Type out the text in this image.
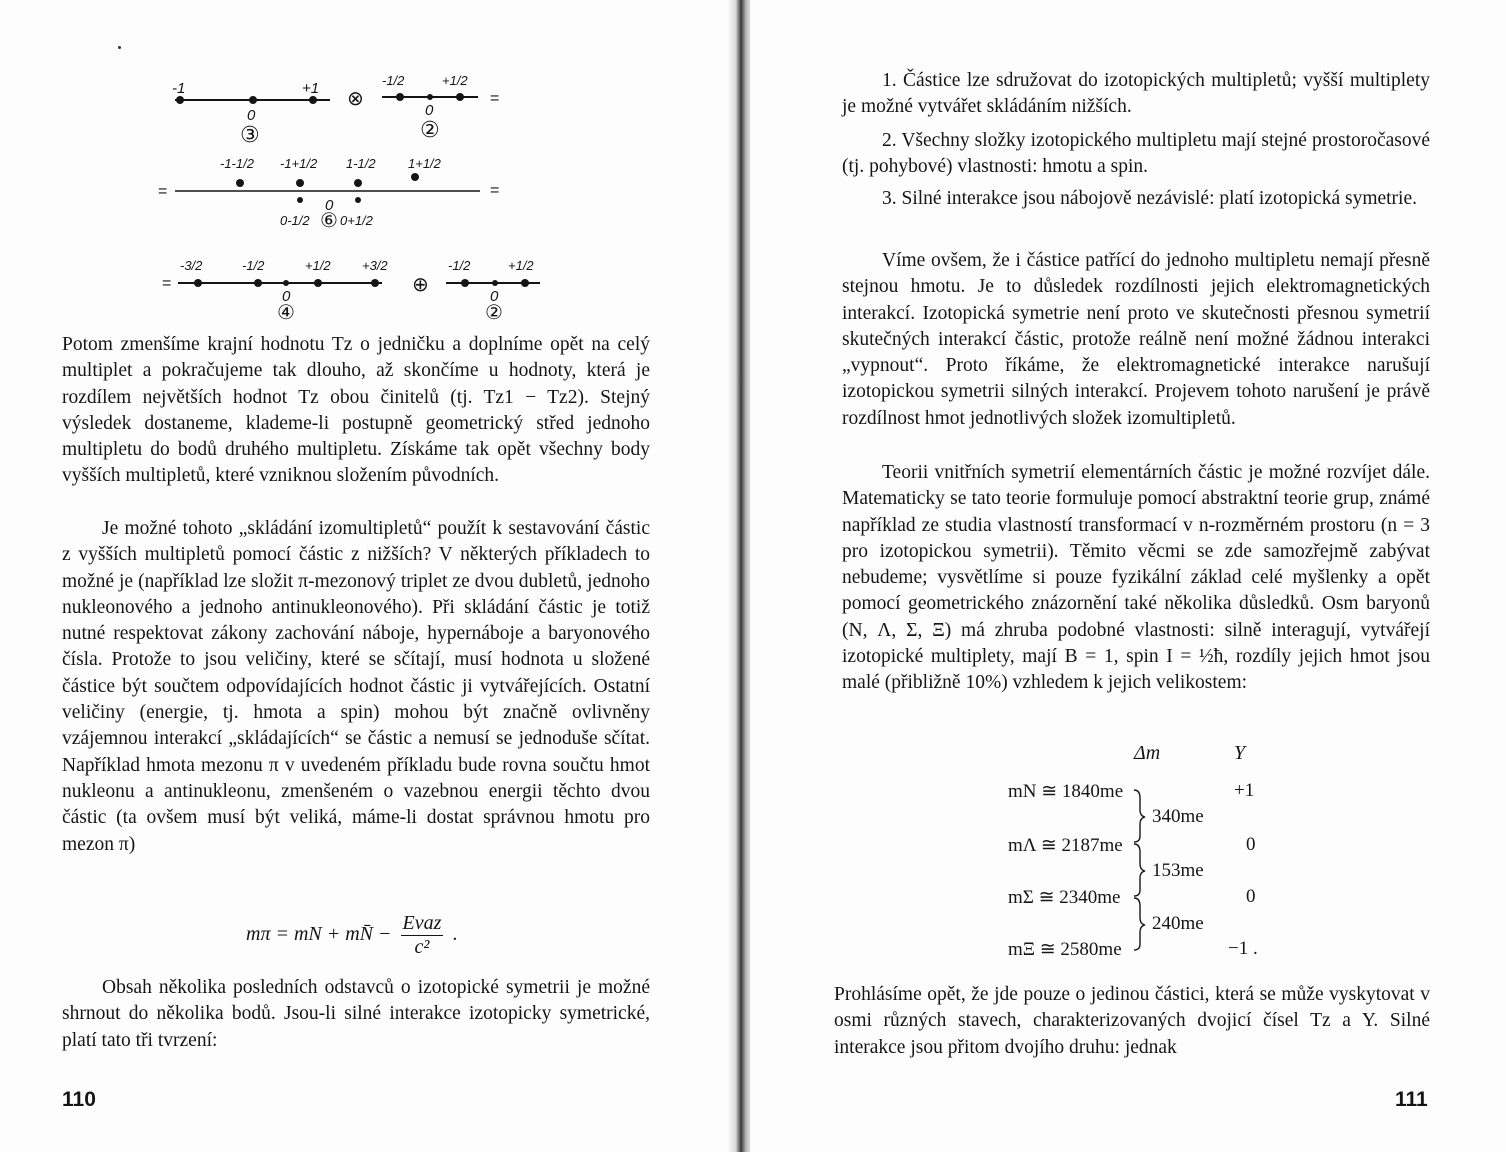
-1	+1
0
③
⊗
-1/2	+1/2
0
②
=
=
-1-1/2 -1+1/2 1-1/2 1+1/2
0
0-1/2 ⑥ 0+1/2
=
=
-3/2	-1/2	+1/2 +3/2
0
④
⊕
-1/2	+1/2
0
②

Potom zmenšíme krajní hodnotu Tz o jedničku a doplníme opět na celý multiplet a pokračujeme tak dlouho, až skončíme u hodnoty, která je rozdílem největších hodnot Tz obou činitelů (tj. Tz1 − Tz2). Stejný výsledek dostaneme, klademe-li postupně geometrický střed jednoho multipletu do bodů druhého multipletu. Získáme tak opět všechny body vyšších multipletů, které vzniknou složením původních.

Je možné tohoto „skládání izomultipletů“ použít k sestavování částic z vyšších multipletů pomocí částic z nižších? V některých příkladech to možné je (například lze složit π-mezonový triplet ze dvou dubletů, jednoho nukleonového a jednoho antinukleonového). Při skládání částic je totiž nutné respektovat zákony zachování náboje, hypernáboje a baryonového čísla. Protože to jsou veličiny, které se sčítají, musí hodnota u složené částice být součtem odpovídajících hodnot částic ji vytvářejících. Ostatní veličiny (energie, tj. hmota a spin) mohou být značně ovlivněny vzájemnou interakcí „skládajících“ se částic a nemusí se jednoduše sčítat. Například hmota mezonu π v uvedeném příkladu bude rovna součtu hmot nukleonu a antinukleonu, zmenšeném o vazebnou energii těchto dvou částic (ta ovšem musí být veliká, máme-li dostat správnou hmotu pro mezon π)

mπ = mN + mN̄ −
Evaz
c²
.

Obsah několika posledních odstavců o izotopické symetrii je možné shrnout do několika bodů. Jsou-li silné interakce izotopicky symetrické, platí tato tři tvrzení:

110

1. Částice lze sdružovat do izotopických multipletů; vyšší multiplety je možné vytvářet skládáním nižších.

2. Všechny složky izotopického multipletu mají stejné prostoročasové (tj. pohybové) vlastnosti: hmotu a spin.

3. Silné interakce jsou nábojově nezávislé: platí izotopická symetrie.

Víme ovšem, že i částice patřící do jednoho multipletu nemají přesně stejnou hmotu. Je to důsledek rozdílnosti jejich elektromagnetických interakcí. Izotopická symetrie není proto ve skutečnosti přesnou symetrií skutečných interakcí částic, protože reálně není možné žádnou interakci „vypnout“. Proto říkáme, že elektromagnetické interakce narušují izotopickou symetrii silných interakcí. Projevem tohoto narušení je právě rozdílnost hmot jednotlivých složek izomultipletů.

Teorii vnitřních symetrií elementárních částic je možné rozvíjet dále. Matematicky se tato teorie formuluje pomocí abstraktní teorie grup, známé například ze studia vlastností transformací v n-rozměrném prostoru (n = 3 pro izotopickou symetrii). Těmito věcmi se zde samozřejmě zabývat nebudeme; vysvětlíme si pouze fyzikální základ celé myšlenky a opět pomocí geometrického znázornění také několika důsledků. Osm baryonů (N, Λ, Σ, Ξ) má zhruba podobné vlastnosti: silně interagují, vytvářejí izotopické multiplety, mají B = 1, spin I = ½ħ, rozdíly jejich hmot jsou malé (přibližně 10%) vzhledem k jejich velikostem:

Δm	Y
mN ≅ 1840me	+1
mΛ ≅ 2187me	0
mΣ ≅ 2340me	0
mΞ ≅ 2580me	−1 .
340me
153me
240me

Prohlásíme opět, že jde pouze o jedinou částici, která se může vyskytovat v osmi různých stavech, charakterizovaných dvojicí čísel Tz a Y. Silné interakce jsou přitom dvojího druhu: jednak

111
